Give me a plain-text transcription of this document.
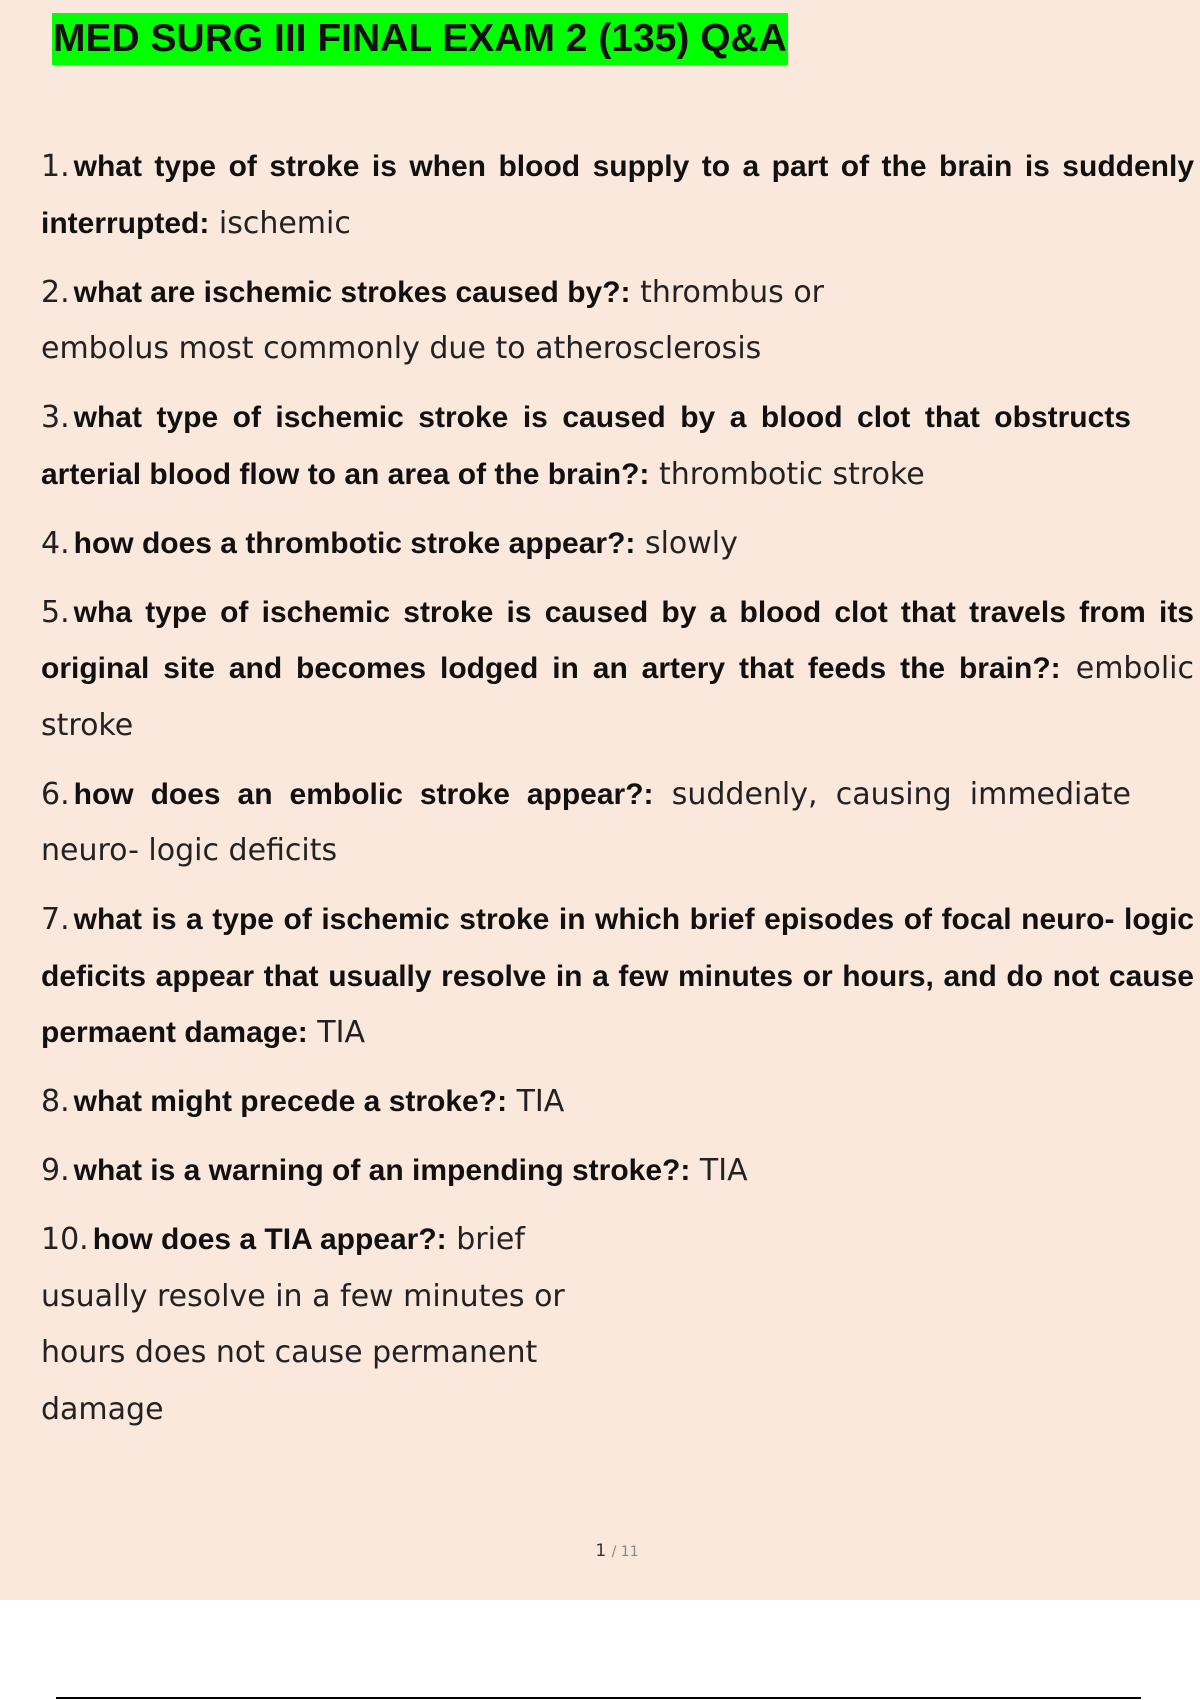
MED SURG III FINAL EXAM 2 (135) Q&A
1. what type of stroke is when blood supply to a part of the brain is suddenly interrupted: ischemic
2. what are ischemic strokes caused by?: thrombus or embolus most commonly due to atherosclerosis
3. what type of ischemic stroke is caused by a blood clot that obstructs arterial blood flow to an area of the brain?: thrombotic stroke
4. how does a thrombotic stroke appear?: slowly
5. wha type of ischemic stroke is caused by a blood clot that travels from its original site and becomes lodged in an artery that feeds the brain?: embolic stroke
6. how does an embolic stroke appear?: suddenly, causing immediate neuro- logic deficits
7. what is a type of ischemic stroke in which brief episodes of focal neuro- logic deficits appear that usually resolve in a few minutes or hours, and do not cause permaent damage: TIA
8. what might precede a stroke?: TIA
9. what is a warning of an impending stroke?: TIA
10. how does a TIA appear?: brief usually resolve in a few minutes or hours does not cause permanent damage
1 / 11
